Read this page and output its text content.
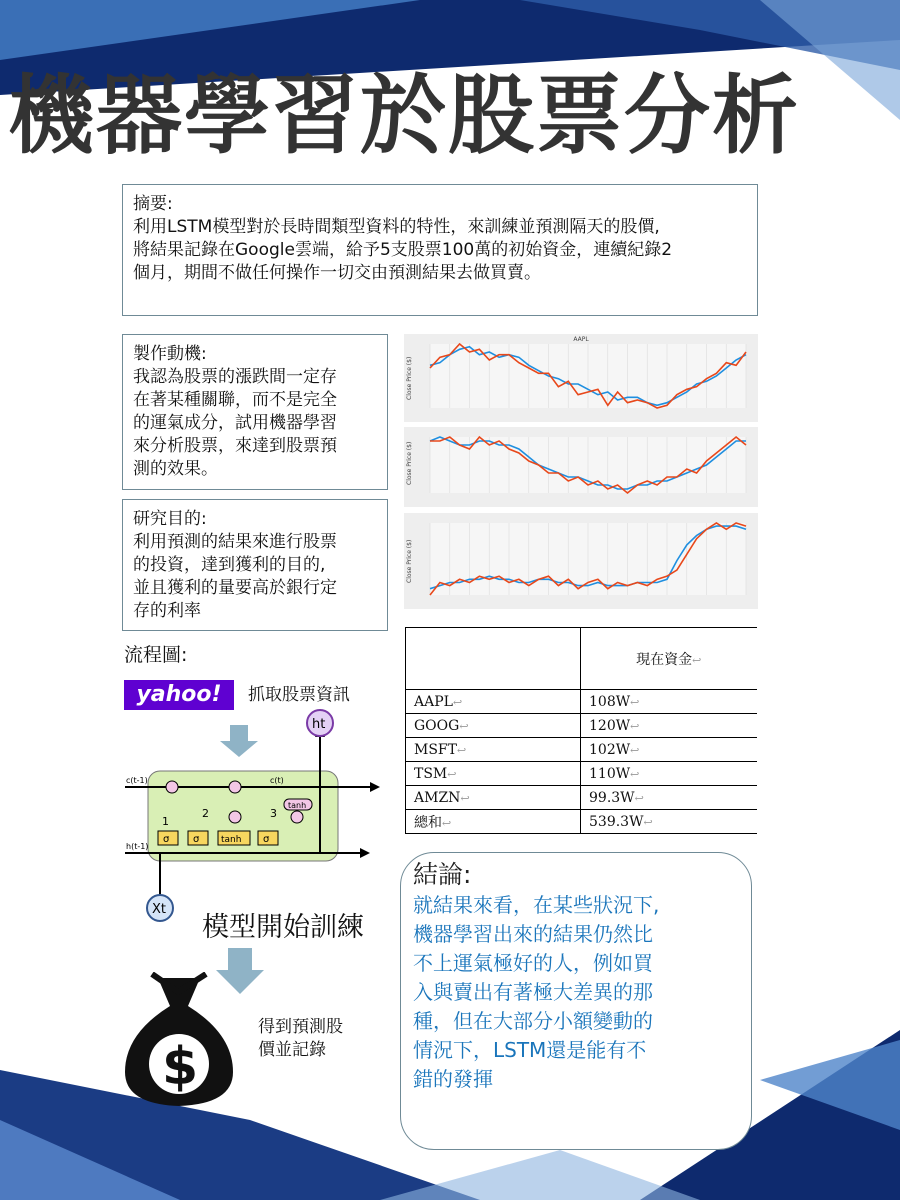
機器學習於股票分析
摘要:
利用LSTM模型對於長時間類型資料的特性，來訓練並預測隔天的股價,
將結果記錄在Google雲端，給予5支股票100萬的初始資金，連續紀錄2
個月，期間不做任何操作一切交由預測結果去做買賣。
製作動機:
我認為股票的漲跌間一定存
在著某種關聯，而不是完全
的運氣成分，試用機器學習
來分析股票，來達到股票預
測的效果。
研究目的:
利用預測的結果來進行股票
的投資，達到獲利的目的,
並且獲利的量要高於銀行定
存的利率
AAPL
Close Price ($)
Close Price ($)
Close Price ($)
	現在資金↩
AAPL↩	108W↩
GOOG↩	120W↩
MSFT↩	102W↩
TSM↩	110W↩
AMZN↩	99.3W↩
總和↩	539.3W↩
流程圖:
yahoo!	抓取股票資訊
σ σ tanh σ
tanh
1
2	3
c(t-1)	c(t)
h(t-1)
ht
Xt
模型開始訓練
$
得到預測股
價並記錄
結論:
就結果來看，在某些狀況下,
機器學習出來的結果仍然比
不上運氣極好的人，例如買
入與賣出有著極大差異的那
種，但在大部分小額變動的
情況下，LSTM還是能有不
錯的發揮
